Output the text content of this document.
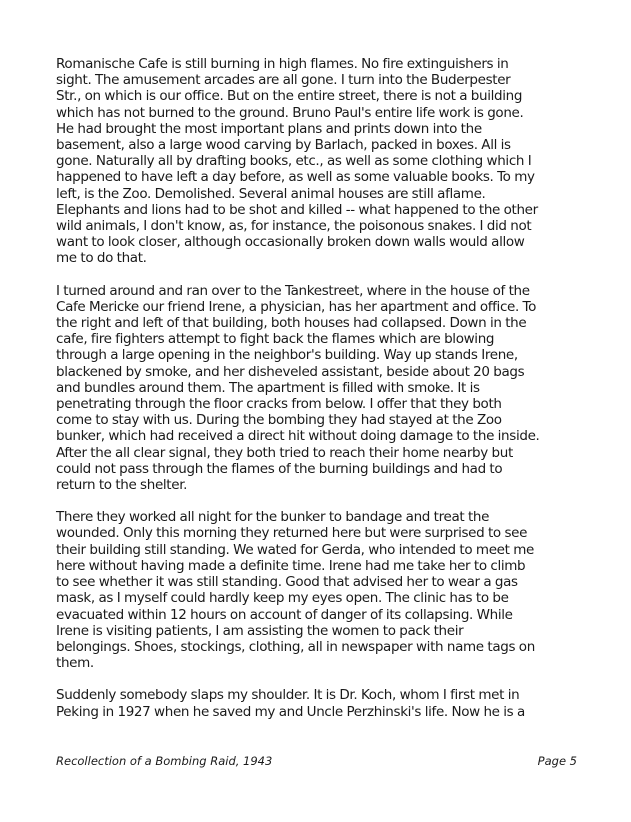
Romanische Cafe is still burning in high flames. No fire extinguishers in
sight. The amusement arcades are all gone. I turn into the Buderpester
Str., on which is our office. But on the entire street, there is not a building
which has not burned to the ground. Bruno Paul's entire life work is gone.
He had brought the most important plans and prints down into the
basement, also a large wood carving by Barlach, packed in boxes. All is
gone. Naturally all by drafting books, etc., as well as some clothing which I
happened to have left a day before, as well as some valuable books. To my
left, is the Zoo. Demolished. Several animal houses are still aflame.
Elephants and lions had to be shot and killed -- what happened to the other
wild animals, I don't know, as, for instance, the poisonous snakes. I did not
want to look closer, although occasionally broken down walls would allow
me to do that.

I turned around and ran over to the Tankestreet, where in the house of the
Cafe Mericke our friend Irene, a physician, has her apartment and office. To
the right and left of that building, both houses had collapsed. Down in the
cafe, fire fighters attempt to fight back the flames which are blowing
through a large opening in the neighbor's building. Way up stands Irene,
blackened by smoke, and her disheveled assistant, beside about 20 bags
and bundles around them. The apartment is filled with smoke. It is
penetrating through the floor cracks from below. I offer that they both
come to stay with us. During the bombing they had stayed at the Zoo
bunker, which had received a direct hit without doing damage to the inside.
After the all clear signal, they both tried to reach their home nearby but
could not pass through the flames of the burning buildings and had to
return to the shelter.

There they worked all night for the bunker to bandage and treat the
wounded. Only this morning they returned here but were surprised to see
their building still standing. We wated for Gerda, who intended to meet me
here without having made a definite time. Irene had me take her to climb
to see whether it was still standing. Good that advised her to wear a gas
mask, as I myself could hardly keep my eyes open. The clinic has to be
evacuated within 12 hours on account of danger of its collapsing. While
Irene is visiting patients, I am assisting the women to pack their
belongings. Shoes, stockings, clothing, all in newspaper with name tags on
them.

Suddenly somebody slaps my shoulder. It is Dr. Koch, whom I first met in
Peking in 1927 when he saved my and Uncle Perzhinski's life. Now he is a

Recollection of a Bombing Raid, 1943	Page 5
